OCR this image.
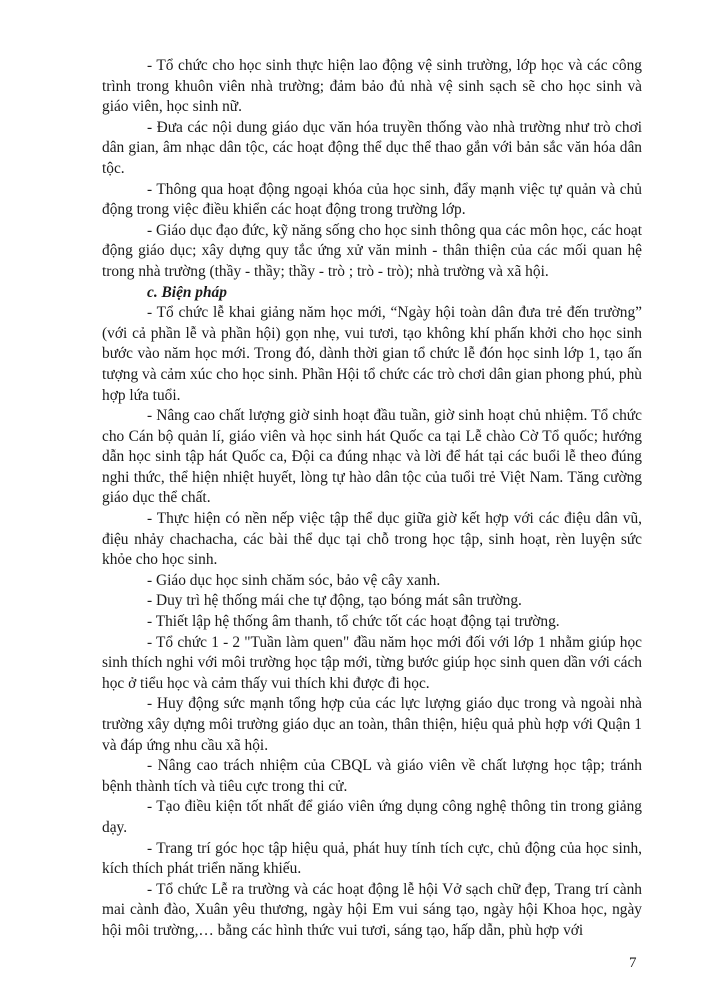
- Tổ chức cho học sinh thực hiện lao động vệ sinh trường, lớp học và các công trình trong khuôn viên nhà trường; đảm bảo đủ nhà vệ sinh sạch sẽ cho học sinh và giáo viên, học sinh nữ.

- Đưa các nội dung giáo dục văn hóa truyền thống vào nhà trường như trò chơi dân gian, âm nhạc dân tộc, các hoạt động thể dục thể thao gắn với bản sắc văn hóa dân tộc.

- Thông qua hoạt động ngoại khóa của học sinh, đẩy mạnh việc tự quản và chủ động trong việc điều khiển các hoạt động trong trường lớp.

- Giáo dục đạo đức, kỹ năng sống cho học sinh thông qua các môn học, các hoạt động giáo dục; xây dựng quy tắc ứng xử văn minh - thân thiện của các mối quan hệ trong nhà trường (thầy - thầy; thầy - trò ; trò - trò); nhà trường và xã hội.

c. Biện pháp

- Tổ chức lễ khai giảng năm học mới, “Ngày hội toàn dân đưa trẻ đến trường” (với cả phần lễ và phần hội) gọn nhẹ, vui tươi, tạo không khí phấn khởi cho học sinh bước vào năm học mới. Trong đó, dành thời gian tổ chức lễ đón học sinh lớp 1, tạo ấn tượng và cảm xúc cho học sinh. Phần Hội tổ chức các trò chơi dân gian phong phú, phù hợp lứa tuổi.

- Nâng cao chất lượng giờ sinh hoạt đầu tuần, giờ sinh hoạt chủ nhiệm. Tổ chức cho Cán bộ quản lí, giáo viên và học sinh hát Quốc ca tại Lễ chào Cờ Tổ quốc; hướng dẫn học sinh tập hát Quốc ca, Đội ca đúng nhạc và lời để hát tại các buổi lễ theo đúng nghi thức, thể hiện nhiệt huyết, lòng tự hào dân tộc của tuổi trẻ Việt Nam. Tăng cường giáo dục thể chất.

- Thực hiện có nền nếp việc tập thể dục giữa giờ kết hợp với các điệu dân vũ, điệu nhảy chachacha, các bài thể dục tại chỗ trong học tập, sinh hoạt, rèn luyện sức khỏe cho học sinh.

- Giáo dục học sinh chăm sóc, bảo vệ cây xanh.

- Duy trì hệ thống mái che tự động, tạo bóng mát sân trường.

- Thiết lập hệ thống âm thanh, tổ chức tốt các hoạt động tại trường.

- Tổ chức 1 - 2 "Tuần làm quen" đầu năm học mới đối với lớp 1 nhằm giúp học sinh thích nghi với môi trường học tập mới, từng bước giúp học sinh quen dần với cách học ở tiểu học và cảm thấy vui thích khi được đi học.

- Huy động sức mạnh tổng hợp của các lực lượng giáo dục trong và ngoài nhà trường xây dựng môi trường giáo dục an toàn, thân thiện, hiệu quả phù hợp với Quận 1 và đáp ứng nhu cầu xã hội.

- Nâng cao trách nhiệm của CBQL và giáo viên về chất lượng học tập; tránh bệnh thành tích và tiêu cực trong thi cử.

- Tạo điều kiện tốt nhất để giáo viên ứng dụng công nghệ thông tin trong giảng dạy.

- Trang trí góc học tập hiệu quả, phát huy tính tích cực, chủ động của học sinh, kích thích phát triển năng khiếu.

- Tổ chức Lễ ra trường và các hoạt động lễ hội Vở sạch chữ đẹp, Trang trí cành mai cành đào, Xuân yêu thương, ngày hội Em vui sáng tạo, ngày hội Khoa học, ngày hội môi trường,… bằng các hình thức vui tươi, sáng tạo, hấp dẫn, phù hợp với

7
